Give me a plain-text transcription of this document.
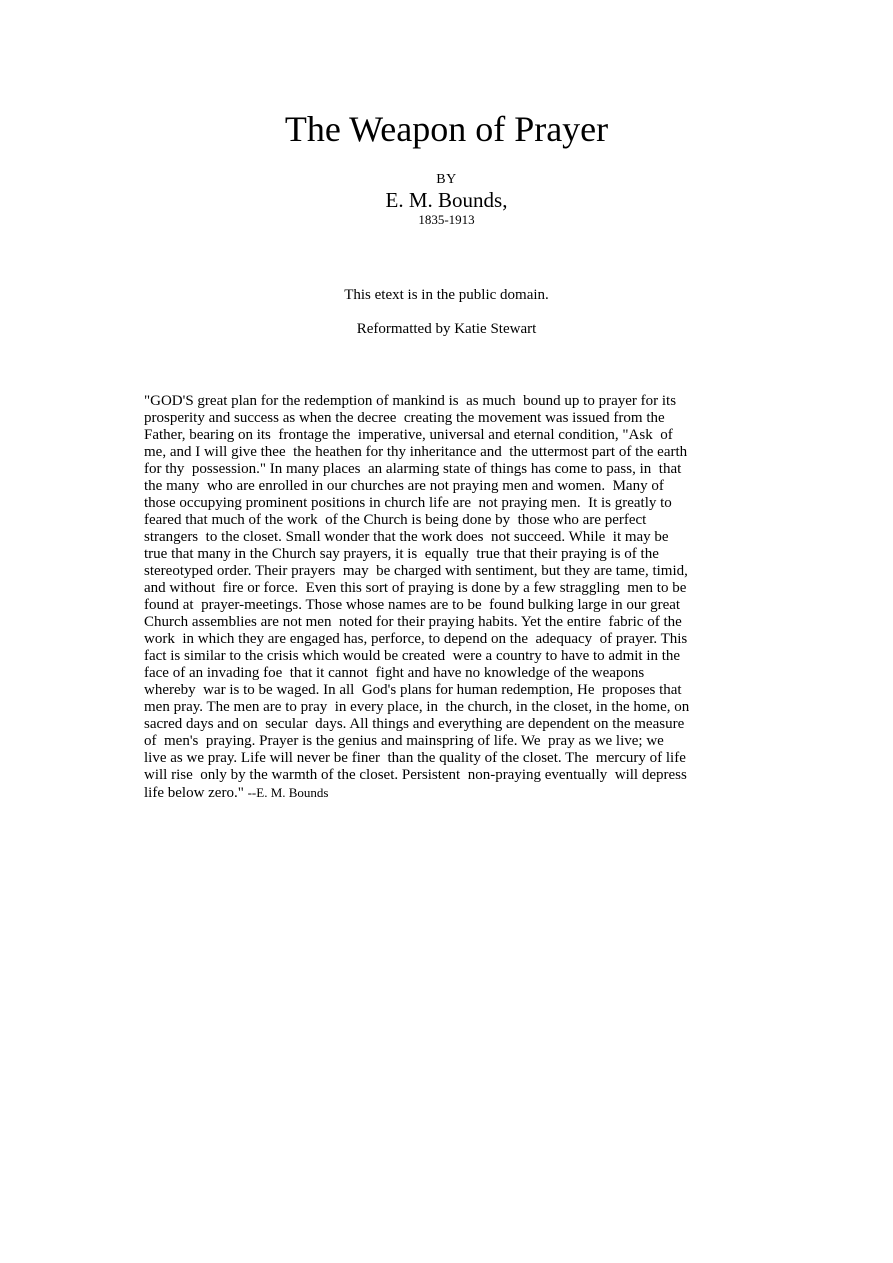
The Weapon of Prayer
BY
E. M. Bounds,
1835-1913
This etext is in the public domain.
Reformatted by Katie Stewart

"GOD'S great plan for the redemption of mankind is  as much  bound up to prayer for its
prosperity and success as when the decree  creating the movement was issued from the
Father, bearing on its  frontage the  imperative, universal and eternal condition, "Ask  of
me, and I will give thee  the heathen for thy inheritance and  the uttermost part of the earth
for thy  possession." In many places  an alarming state of things has come to pass, in  that
the many  who are enrolled in our churches are not praying men and women.  Many of
those occupying prominent positions in church life are  not praying men.  It is greatly to
feared that much of the work  of the Church is being done by  those who are perfect
strangers  to the closet. Small wonder that the work does  not succeed. While  it may be
true that many in the Church say prayers, it is  equally  true that their praying is of the
stereotyped order. Their prayers  may  be charged with sentiment, but they are tame, timid,
and without  fire or force.  Even this sort of praying is done by a few straggling  men to be
found at  prayer-meetings. Those whose names are to be  found bulking large in our great
Church assemblies are not men  noted for their praying habits. Yet the entire  fabric of the
work  in which they are engaged has, perforce, to depend on the  adequacy  of prayer. This
fact is similar to the crisis which would be created  were a country to have to admit in the
face of an invading foe  that it cannot  fight and have no knowledge of the weapons
whereby  war is to be waged. In all  God's plans for human redemption, He  proposes that
men pray. The men are to pray  in every place, in  the church, in the closet, in the home, on
sacred days and on  secular  days. All things and everything are dependent on the measure
of  men's  praying. Prayer is the genius and mainspring of life. We  pray as we live; we
live as we pray. Life will never be finer  than the quality of the closet. The  mercury of life
will rise  only by the warmth of the closet. Persistent  non-praying eventually  will depress
life below zero." --E. M. Bounds
